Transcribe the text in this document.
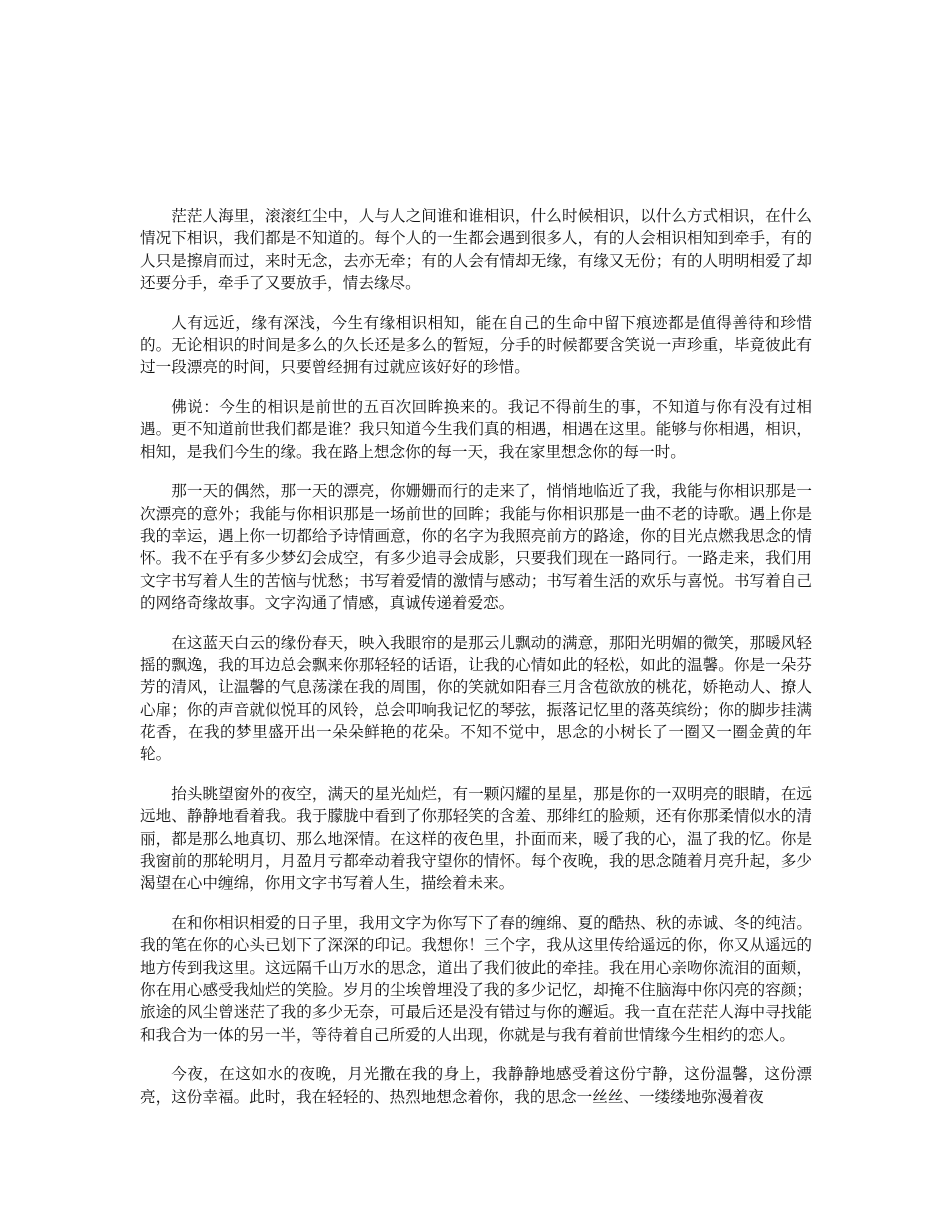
茫茫人海里，滚滚红尘中，人与人之间谁和谁相识，什么时候相识，以什么方式相识，在什么情况下相识，我们都是不知道的。每个人的一生都会遇到很多人，有的人会相识相知到牵手，有的人只是擦肩而过，来时无念，去亦无牵；有的人会有情却无缘，有缘又无份；有的人明明相爱了却还要分手，牵手了又要放手，情去缘尽。

人有远近，缘有深浅，今生有缘相识相知，能在自己的生命中留下痕迹都是值得善待和珍惜的。无论相识的时间是多么的久长还是多么的暂短，分手的时候都要含笑说一声珍重，毕竟彼此有过一段漂亮的时间，只要曾经拥有过就应该好好的珍惜。

佛说：今生的相识是前世的五百次回眸换来的。我记不得前生的事，不知道与你有没有过相遇。更不知道前世我们都是谁？我只知道今生我们真的相遇，相遇在这里。能够与你相遇，相识，相知，是我们今生的缘。我在路上想念你的每一天，我在家里想念你的每一时。

那一天的偶然，那一天的漂亮，你姗姗而行的走来了，悄悄地临近了我，我能与你相识那是一次漂亮的意外；我能与你相识那是一场前世的回眸；我能与你相识那是一曲不老的诗歌。遇上你是我的幸运，遇上你一切都给予诗情画意，你的名字为我照亮前方的路途，你的目光点燃我思念的情怀。我不在乎有多少梦幻会成空，有多少追寻会成影，只要我们现在一路同行。一路走来，我们用文字书写着人生的苦恼与忧愁；书写着爱情的激情与感动；书写着生活的欢乐与喜悦。书写着自己的网络奇缘故事。文字沟通了情感，真诚传递着爱恋。

在这蓝天白云的缘份春天，映入我眼帘的是那云儿飘动的满意，那阳光明媚的微笑，那暖风轻摇的飘逸，我的耳边总会飘来你那轻轻的话语，让我的心情如此的轻松，如此的温馨。你是一朵芬芳的清风，让温馨的气息荡漾在我的周围，你的笑就如阳春三月含苞欲放的桃花，娇艳动人、撩人心扉；你的声音就似悦耳的风铃，总会叩响我记忆的琴弦，振落记忆里的落英缤纷；你的脚步挂满花香，在我的梦里盛开出一朵朵鲜艳的花朵。不知不觉中，思念的小树长了一圈又一圈金黄的年轮。

抬头眺望窗外的夜空，满天的星光灿烂，有一颗闪耀的星星，那是你的一双明亮的眼睛，在远远地、静静地看着我。我于朦胧中看到了你那轻笑的含羞、那绯红的脸颊，还有你那柔情似水的清丽，都是那么地真切、那么地深情。在这样的夜色里，扑面而来，暖了我的心，温了我的忆。你是我窗前的那轮明月，月盈月亏都牵动着我守望你的情怀。每个夜晚，我的思念随着月亮升起，多少渴望在心中缠绵，你用文字书写着人生，描绘着未来。

在和你相识相爱的日子里，我用文字为你写下了春的缠绵、夏的酷热、秋的赤诚、冬的纯洁。我的笔在你的心头已划下了深深的印记。我想你！三个字，我从这里传给遥远的你，你又从遥远的地方传到我这里。这远隔千山万水的思念，道出了我们彼此的牵挂。我在用心亲吻你流泪的面颊，你在用心感受我灿烂的笑脸。岁月的尘埃曾埋没了我的多少记忆，却掩不住脑海中你闪亮的容颜；旅途的风尘曾迷茫了我的多少无奈，可最后还是没有错过与你的邂逅。我一直在茫茫人海中寻找能和我合为一体的另一半，等待着自己所爱的人出现，你就是与我有着前世情缘今生相约的恋人。

今夜，在这如水的夜晚，月光撒在我的身上，我静静地感受着这份宁静，这份温馨，这份漂亮，这份幸福。此时，我在轻轻的、热烈地想念着你，我的思念一丝丝、一缕缕地弥漫着夜
